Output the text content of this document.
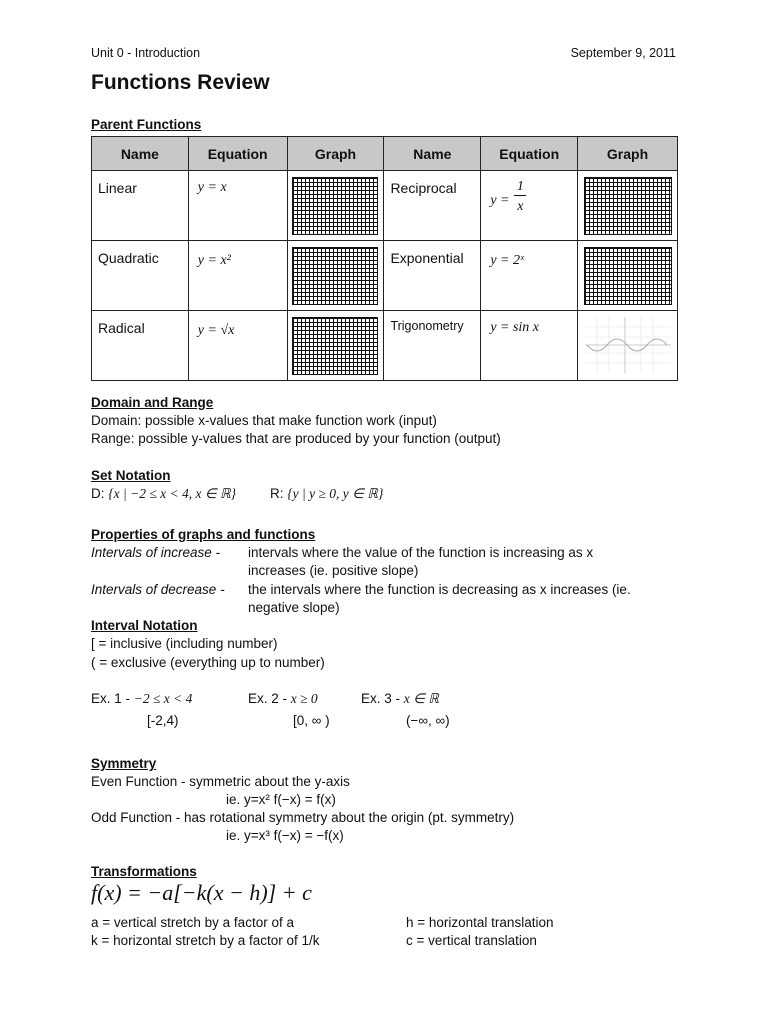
Unit 0 - Introduction	September 9, 2011
Functions Review
Parent Functions
Name	Equation	Graph	Name	Equation	Graph

Linear	y = x		Reciprocal	y =
1
x	

Quadratic	y = x²		Exponential	y = 2ˣ	

Radical	y = √x		Trigonometry	y = sin x

Domain and Range
Domain: possible x-values that make function work (input)
Range: possible y-values that are produced by your function (output)
Set Notation
D: {x | −2 ≤ x < 4, x ∈ ℝ}	R: {y | y ≥ 0, y ∈ ℝ}
Properties of graphs and functions
Intervals of increase - intervals where the value of the function is increasing as x
increases (ie. positive slope)
Intervals of decrease - the intervals where the function is decreasing as x increases (ie.
negative slope)
Interval Notation
[ = inclusive (including number)
( = exclusive (everything up to number)
Ex. 1 - −2 ≤ x < 4	Ex. 2 - x ≥ 0	Ex. 3 - x ∈ ℝ
[-2,4)	[0, ∞ )	(−∞, ∞)
Symmetry
Even Function - symmetric about the y-axis
ie. y=x² f(−x) = f(x)
Odd Function - has rotational symmetry about the origin (pt. symmetry)
ie. y=x³ f(−x) = −f(x)
Transformations
f(x) = −a[−k(x − h)] + c
a = vertical stretch by a factor of a
k = horizontal stretch by a factor of 1/k
h = horizontal translation
c = vertical translation
